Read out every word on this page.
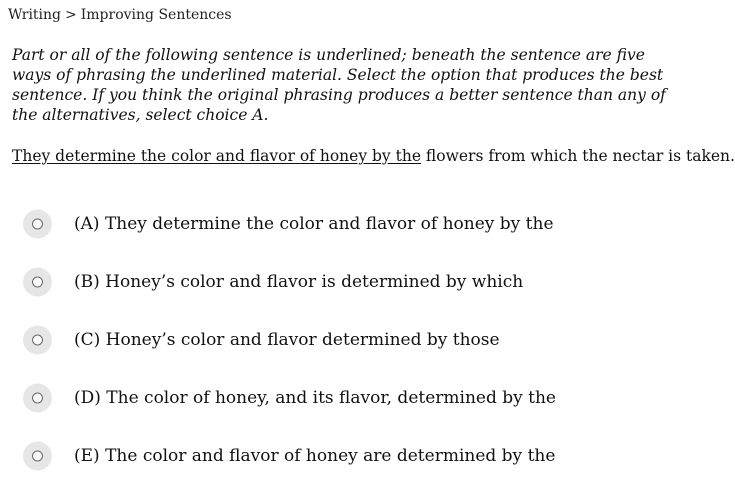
Writing > Improving Sentences
Part or all of the following sentence is underlined; beneath the sentence are five ways of phrasing the underlined material. Select the option that produces the best sentence. If you think the original phrasing produces a better sentence than any of the alternatives, select choice A.
They determine the color and flavor of honey by the flowers from which the nectar is taken.
(A) They determine the color and flavor of honey by the
(B) Honey’s color and flavor is determined by which
(C) Honey’s color and flavor determined by those
(D) The color of honey, and its flavor, determined by the
(E) The color and flavor of honey are determined by the
